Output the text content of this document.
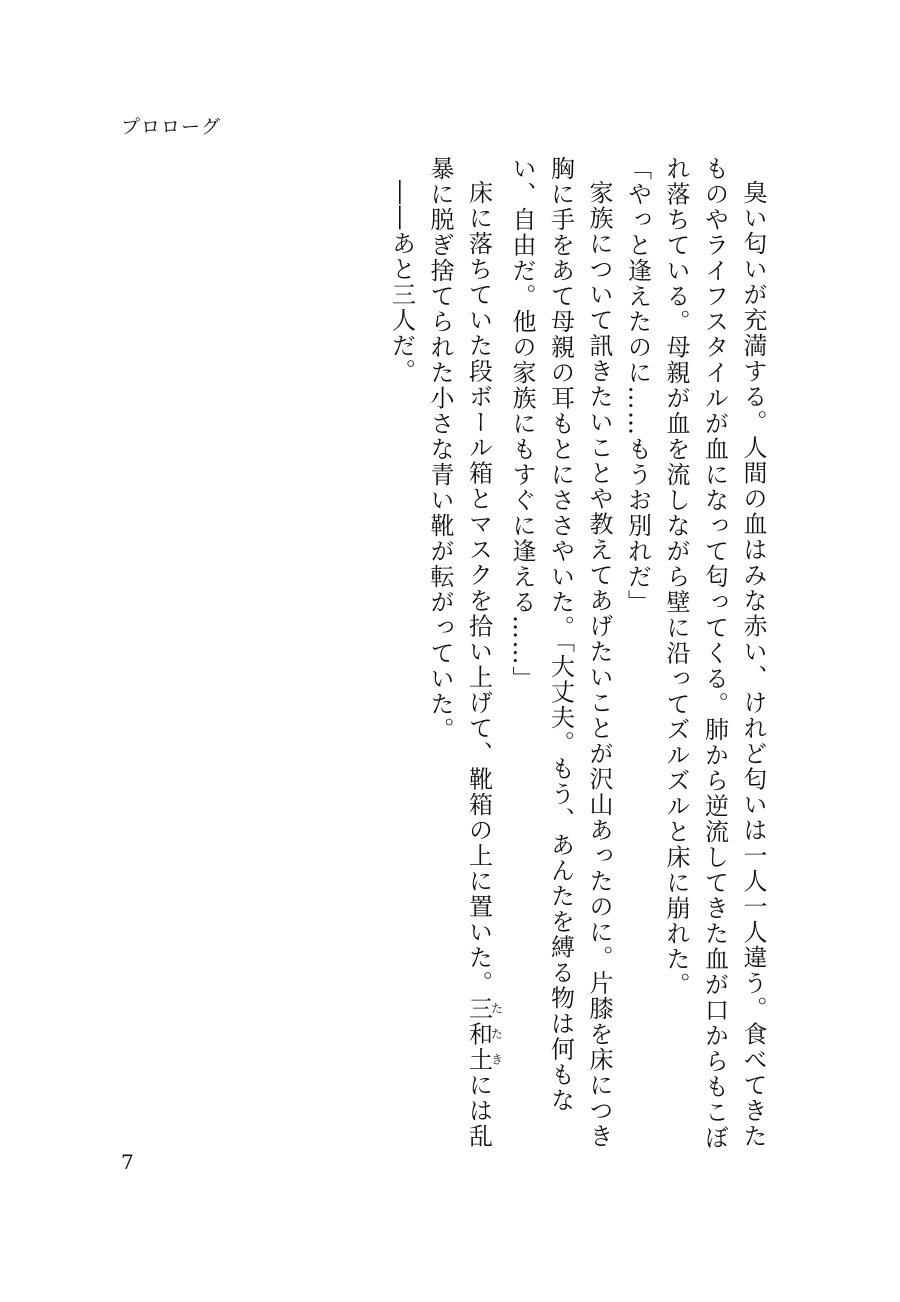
プロローグ

臭い匂いが充満する。人間の血はみな赤い、けれど匂いは一人一人違う。食べてきたものやライフスタイルが血になって匂ってくる。肺から逆流してきた血が口からもこぼれ落ちている。母親が血を流しながら壁に沿ってズルズルと床に崩れた。

「やっと逢えたのに……もうお別れだ」

家族について訊きたいことや教えてあげたいことが沢山あったのに。片膝を床につき胸に手をあて母親の耳もとにささやいた。「大丈夫。もう、あんたを縛る物は何もない、自由だ。他の家族にもすぐに逢える……」

床に落ちていた段ボール箱とマスクを拾い上げて、靴箱の上に置いた。三和土たたきには乱暴に脱ぎ捨てられた小さな青い靴が転がっていた。

――あと三人だ。

7
